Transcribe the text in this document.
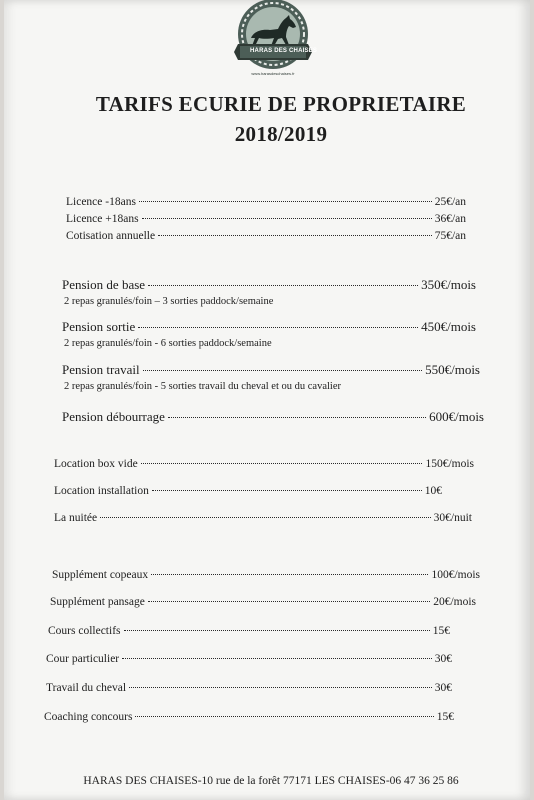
HARAS DES CHAISES
www.harasdeschaises.fr
TARIFS ECURIE DE PROPRIETAIRE
2018/2019
Licence -18ans	25€/an
Licence +18ans	36€/an
Cotisation annuelle	75€/an
Pension de base	350€/mois
2 repas granulés/foin – 3 sorties paddock/semaine
Pension sortie	450€/mois
2 repas granulés/foin - 6 sorties paddock/semaine
Pension travail	550€/mois
2 repas granulés/foin - 5 sorties travail du cheval et ou du cavalier
Pension débourrage	600€/mois
Location box vide	150€/mois
Location installation	10€
La nuitée	30€/nuit
Supplément copeaux	100€/mois
Supplément pansage	20€/mois
Cours collectifs	15€
Cour particulier	30€
Travail du cheval	30€
Coaching concours	15€
HARAS DES CHAISES-10 rue de la forêt 77171 LES CHAISES-06 47 36 25 86
